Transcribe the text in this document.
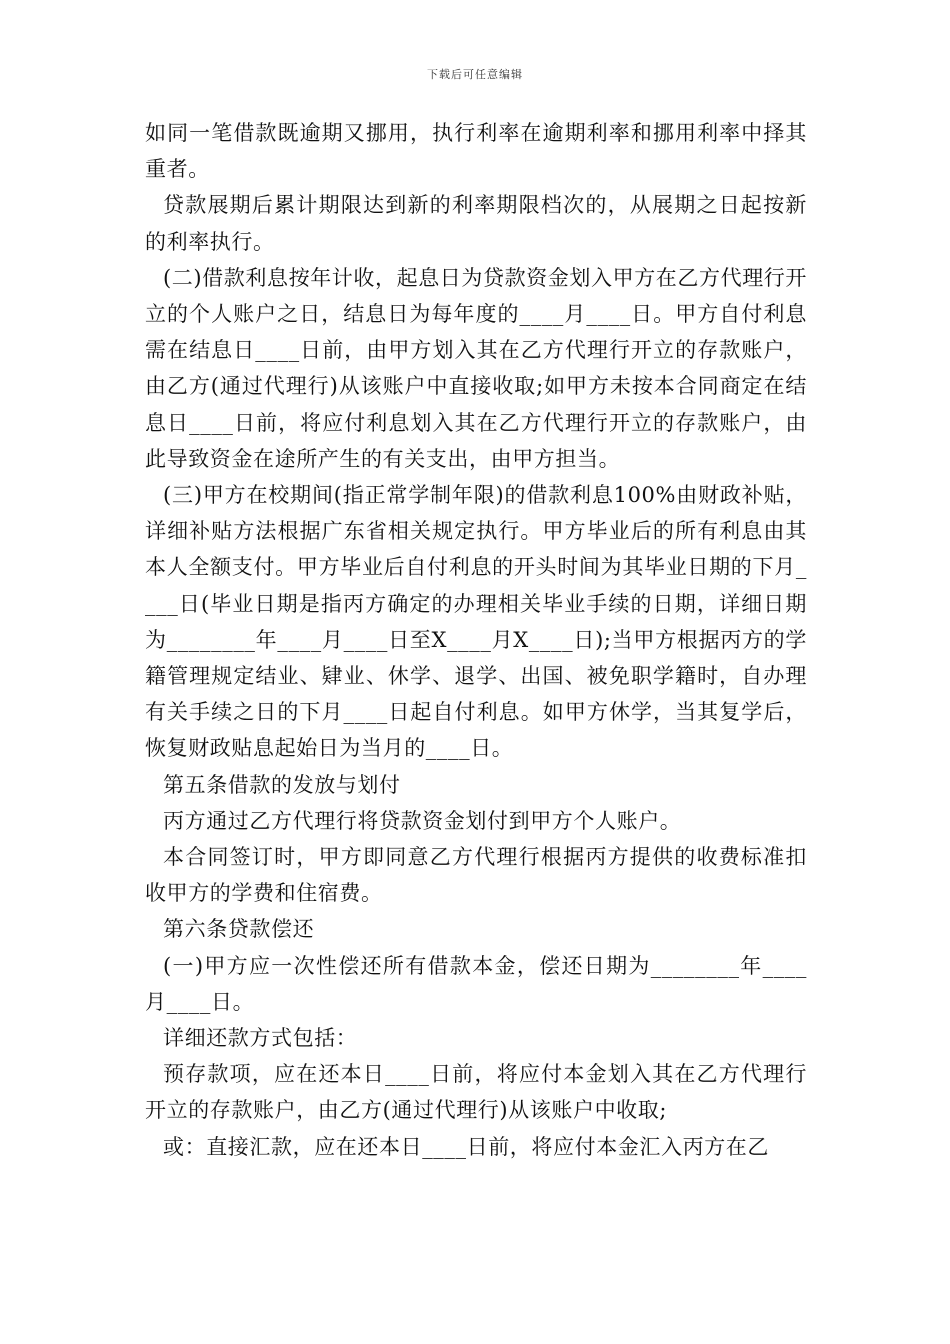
下载后可任意编辑

如同一笔借款既逾期又挪用，执行利率在逾期利率和挪用利率中择其重者。

贷款展期后累计期限达到新的利率期限档次的，从展期之日起按新的利率执行。

(二)借款利息按年计收，起息日为贷款资金划入甲方在乙方代理行开立的个人账户之日，结息日为每年度的____月____日。甲方自付利息需在结息日____日前，由甲方划入其在乙方代理行开立的存款账户，由乙方(通过代理行)从该账户中直接收取;如甲方未按本合同商定在结息日____日前，将应付利息划入其在乙方代理行开立的存款账户，由此导致资金在途所产生的有关支出，由甲方担当。

(三)甲方在校期间(指正常学制年限)的借款利息100%由财政补贴，详细补贴方法根据广东省相关规定执行。甲方毕业后的所有利息由其本人全额支付。甲方毕业后自付利息的开头时间为其毕业日期的下月____日(毕业日期是指丙方确定的办理相关毕业手续的日期，详细日期为________年____月____日至X____月X____日);当甲方根据丙方的学籍管理规定结业、肄业、休学、退学、出国、被免职学籍时，自办理有关手续之日的下月____日起自付利息。如甲方休学，当其复学后，恢复财政贴息起始日为当月的____日。

第五条借款的发放与划付

丙方通过乙方代理行将贷款资金划付到甲方个人账户。

本合同签订时，甲方即同意乙方代理行根据丙方提供的收费标准扣收甲方的学费和住宿费。

第六条贷款偿还

(一)甲方应一次性偿还所有借款本金，偿还日期为________年____月____日。

详细还款方式包括：

预存款项，应在还本日____日前，将应付本金划入其在乙方代理行开立的存款账户，由乙方(通过代理行)从该账户中收取;

或：直接汇款，应在还本日____日前，将应付本金汇入丙方在乙
